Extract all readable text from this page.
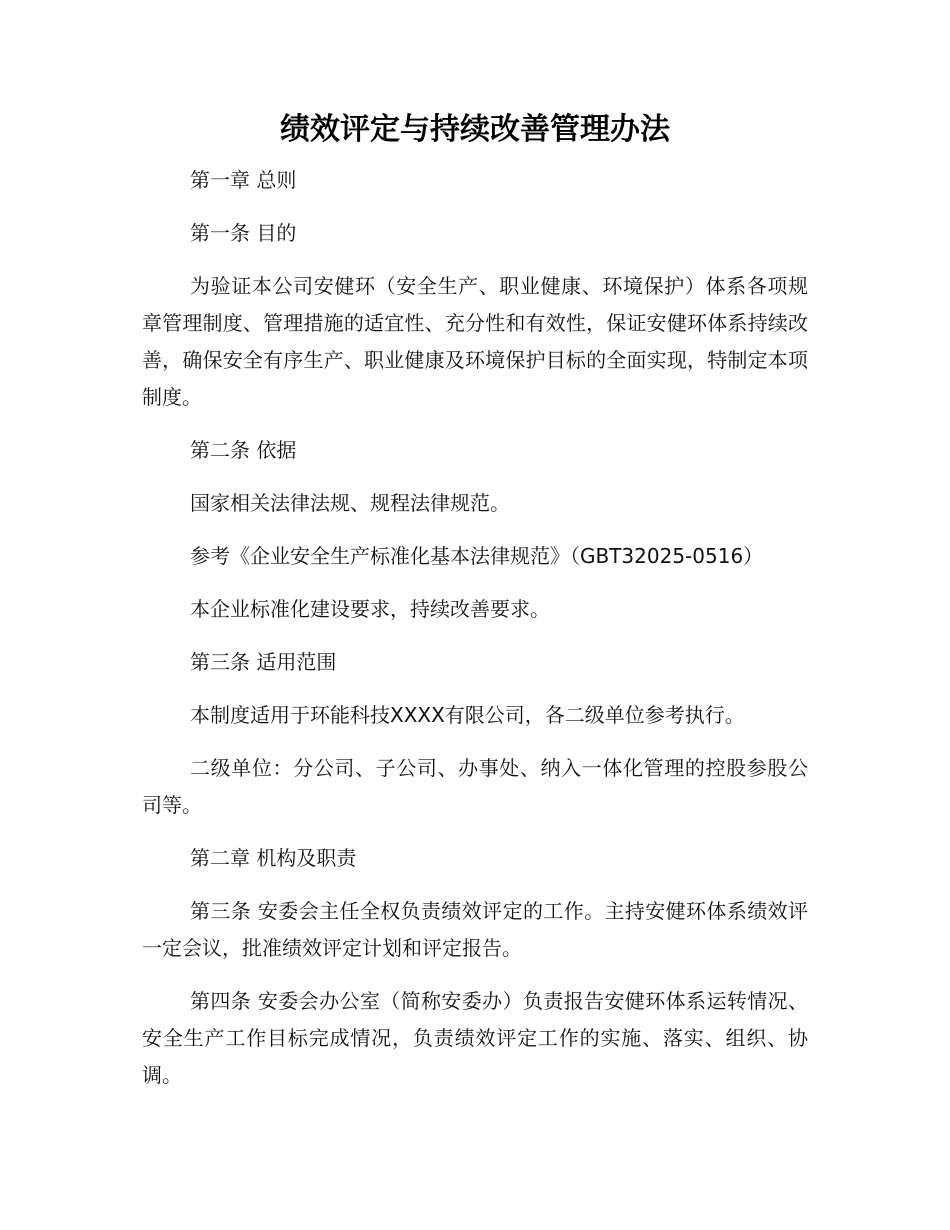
绩效评定与持续改善管理办法

第一章 总则

第一条 目的

为验证本公司安健环（安全生产、职业健康、环境保护）体系各项规章管理制度、管理措施的适宜性、充分性和有效性，保证安健环体系持续改善，确保安全有序生产、职业健康及环境保护目标的全面实现，特制定本项制度。

第二条 依据

国家相关法律法规、规程法律规范。

参考《企业安全生产标准化基本法律规范》（GBT32025-0516）

本企业标准化建设要求，持续改善要求。

第三条 适用范围

本制度适用于环能科技XXXX有限公司，各二级单位参考执行。

二级单位：分公司、子公司、办事处、纳入一体化管理的控股参股公司等。

第二章 机构及职责

第三条 安委会主任全权负责绩效评定的工作。主持安健环体系绩效评一定会议，批准绩效评定计划和评定报告。

第四条 安委会办公室（简称安委办）负责报告安健环体系运转情况、安全生产工作目标完成情况，负责绩效评定工作的实施、落实、组织、协调。
